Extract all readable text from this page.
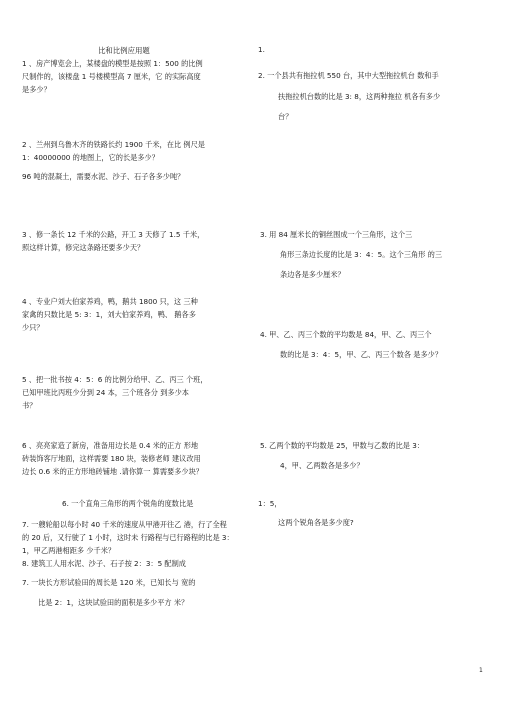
比和比例应用题
1 、房产博览会上，某楼盘的模型是按照 1：500 的比例
尺制作的，该楼盘 1 号楼模型高 7 厘米，它 的实际高度
是多少？
2 、兰州到乌鲁木齐的铁路长约 1900 千米，在比 例尺是
1：40000000 的地图上，它的长是多少？
96 吨的混凝土，需要水泥、沙子、石子各多少吨？
3 、修一条长 12 千米的公路，开工 3 天修了 1.5 千米，
照这样计算，修完这条路还要多少天？
4 、专业户刘大伯家养鸡，鸭，鹅共 1800 只，这 三种
家禽的只数比是 5: 3：1，刘大伯家养鸡，鸭、 鹅各多
少只？
5 、把一批书按 4：5：6 的比例分给甲、乙、丙三 个班，
已知甲班比丙班少分到 24 本，三个班各分 到多少本
书？
6 、亮亮家造了新房，准备用边长是 0.4 米的正方 形地
砖装饰客厅地面，这样需要 180 块，装修老师 建议改用
边长 0.6 米的正方形地砖铺地 .请你算一 算需要多少块？
1.
2. 一个县共有拖拉机 550 台，其中大型拖拉机台 数和手
扶拖拉机台数的比是 3: 8，这两种拖拉 机各有多少
台？
3. 用 84 厘米长的铜丝围成一个三角形，这个三
角形三条边长度的比是 3：4：5。这个三角形 的三
条边各是多少厘米？
4. 甲、乙、丙三个数的平均数是 84，甲、乙、丙三个
数的比是 3：4：5，甲、乙、丙三个数各 是多少？
5. 乙两个数的平均数是 25，甲数与乙数的比是 3：
4，甲、乙两数各是多少？
6. 一个直角三角形的两个锐角的度数比是	1：5，
7. 一艘轮船以每小时 40 千米的速度从甲港开往乙 港，行了全程	这两个锐角各是多少度?
的 20 后，又行驶了 1 小时，这时未 行路程与已行路程的比是 3：
1，甲乙两港相距多 少千米？
8. 建筑工人用水泥、沙子、石子按 2：3：5 配制成
7. 一块长方形试验田的周长是 120 米，已知长与 宽的
比是 2：1，这块试验田的面积是多少平方 米？
1
